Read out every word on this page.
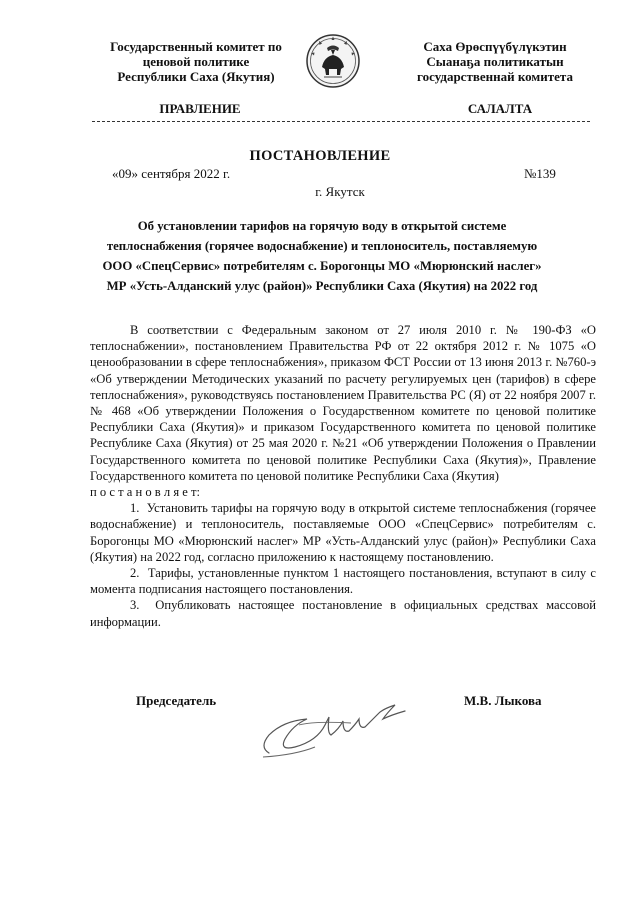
Государственный комитет по
ценовой политике
Республики Саха (Якутия)
Саха Өрөспүүбүлүкэтин
Сыанаҕа политикатын
государственнай комитета
ПРАВЛЕНИЕ	САЛАЛТА
ПОСТАНОВЛЕНИЕ
«09» сентября 2022 г.	№139
г. Якутск
Об установлении тарифов на горячую воду в открытой системе
теплоснабжения (горячее водоснабжение) и теплоноситель, поставляемую
ООО «СпецСервис» потребителям с. Борогонцы МО «Мюрюнский наслег»
МР «Усть-Алданский улус (район)» Республики Саха (Якутия) на 2022 год

В соответствии с Федеральным законом от 27 июля 2010 г. № 190-ФЗ «О теплоснабжении», постановлением Правительства РФ от 22 октября 2012 г. № 1075 «О ценообразовании в сфере теплоснабжения», приказом ФСТ России от 13 июня 2013 г. №760-э «Об утверждении Методических указаний по расчету регулируемых цен (тарифов) в сфере теплоснабжения», руководствуясь постановлением Правительства РС (Я) от 22 ноября 2007 г. № 468 «Об утверждении Положения о Государственном комитете по ценовой политике Республики Саха (Якутия)» и приказом Государственного комитета по ценовой политике Республике Саха (Якутия) от 25 мая 2020 г. №21 «Об утверждении Положения о Правлении Государственного комитета по ценовой политике Республики Саха (Якутия)», Правление Государственного комитета по ценовой политике Республики Саха (Якутия)

п о с т а н о в л я е т:

1. Установить тарифы на горячую воду в открытой системе теплоснабжения (горячее водоснабжение) и теплоноситель, поставляемые ООО «СпецСервис» потребителям с. Борогонцы МО «Мюрюнский наслег» МР «Усть-Алданский улус (район)» Республики Саха (Якутия) на 2022 год, согласно приложению к настоящему постановлению.

2. Тарифы, установленные пунктом 1 настоящего постановления, вступают в силу с момента подписания настоящего постановления.

3. Опубликовать настоящее постановление в официальных средствах массовой информации.

Председатель	М.В. Лыкова
